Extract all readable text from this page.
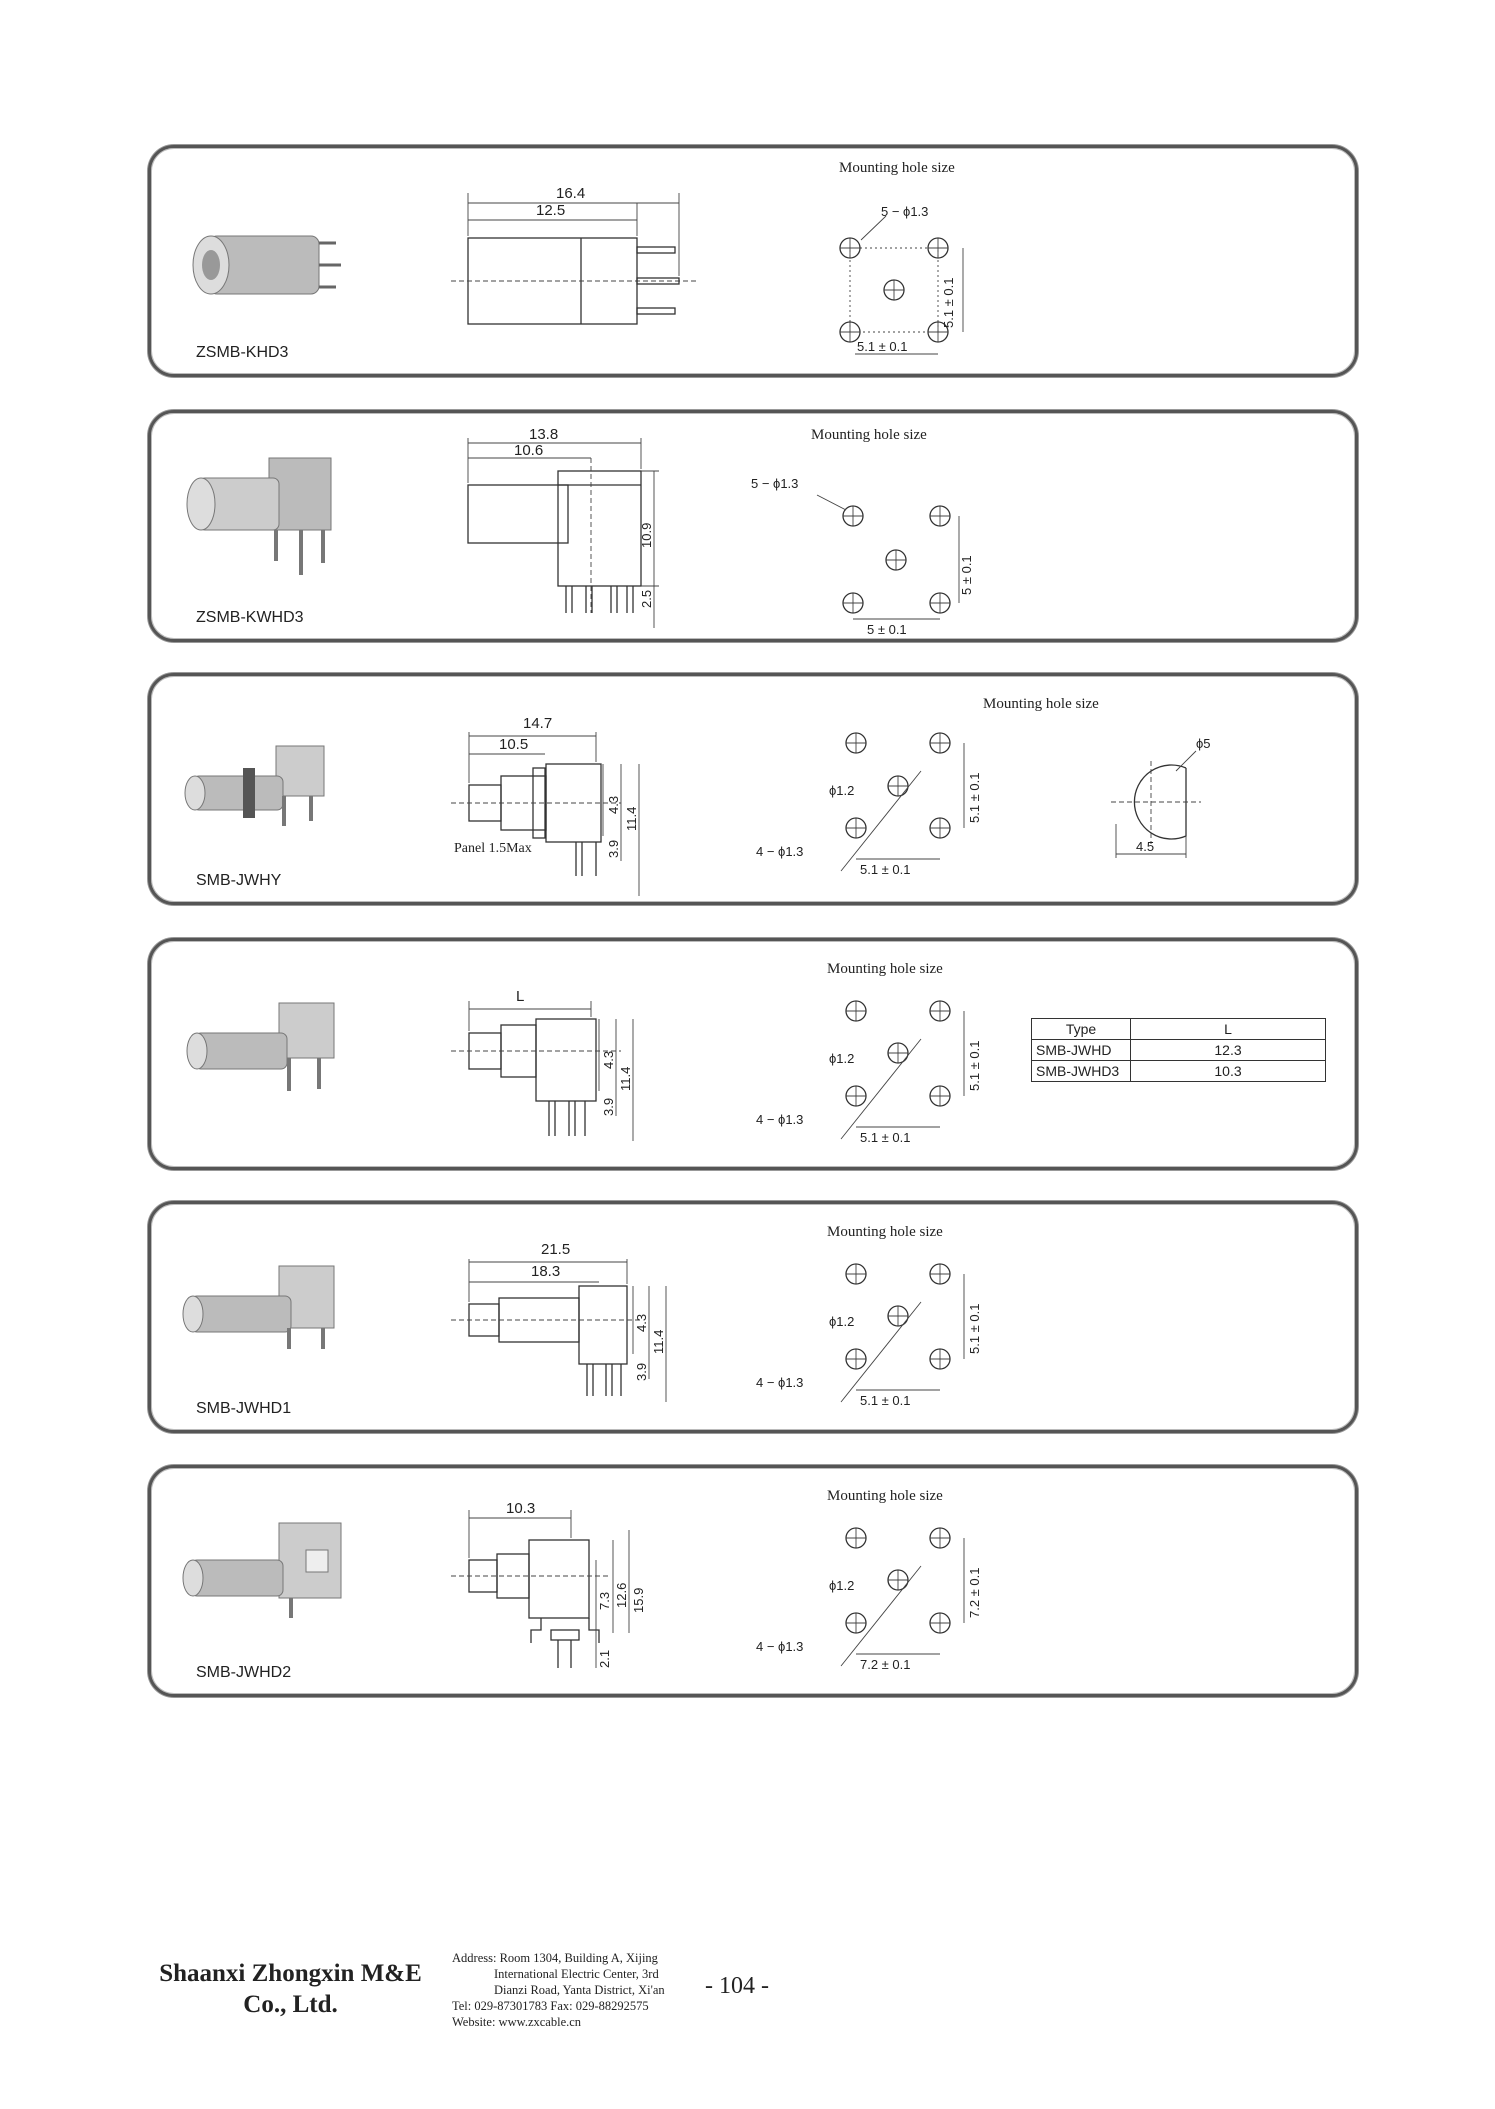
16.4
12.5
5.1 ± 0.1
5.1 ± 0.1
5 − ϕ1.3
Mounting hole size
ZSMB-KHD3
13.8
10.6
10.9
2.5
5 ± 0.1
5 ± 0.1
5 − ϕ1.3
Mounting hole size
ZSMB-KWHD3
14.7
10.5
4.3
3.9
11.4
Panel 1.5Max
5.1 ± 0.1
5.1 ± 0.1
ϕ1.2
4 − ϕ1.3
ϕ5
4.5
Mounting hole size
SMB-JWHY
L
4.3
3.9
11.4	5.1 ± 0.1
5.1 ± 0.1
ϕ1.2
4 − ϕ1.3
Mounting hole size
Type	L
SMB-JWHD	12.3
SMB-JWHD3	10.3
21.5
18.3
4.3
3.9
11.4	5.1 ± 0.1
5.1 ± 0.1
ϕ1.2
4 − ϕ1.3
Mounting hole size
SMB-JWHD1
10.3
7.3
2.1
12.6 15.9	7.2 ± 0.1
7.2 ± 0.1
ϕ1.2
4 − ϕ1.3
Mounting hole size
SMB-JWHD2
Shaanxi Zhongxin M&E Co., Ltd.
Address: Room 1304, Building A, Xijing
International Electric Center, 3rd
Dianzi Road, Yanta District, Xi'an
Tel: 029-87301783 Fax: 029-88292575
Website: www.zxcable.cn
- 104 -
